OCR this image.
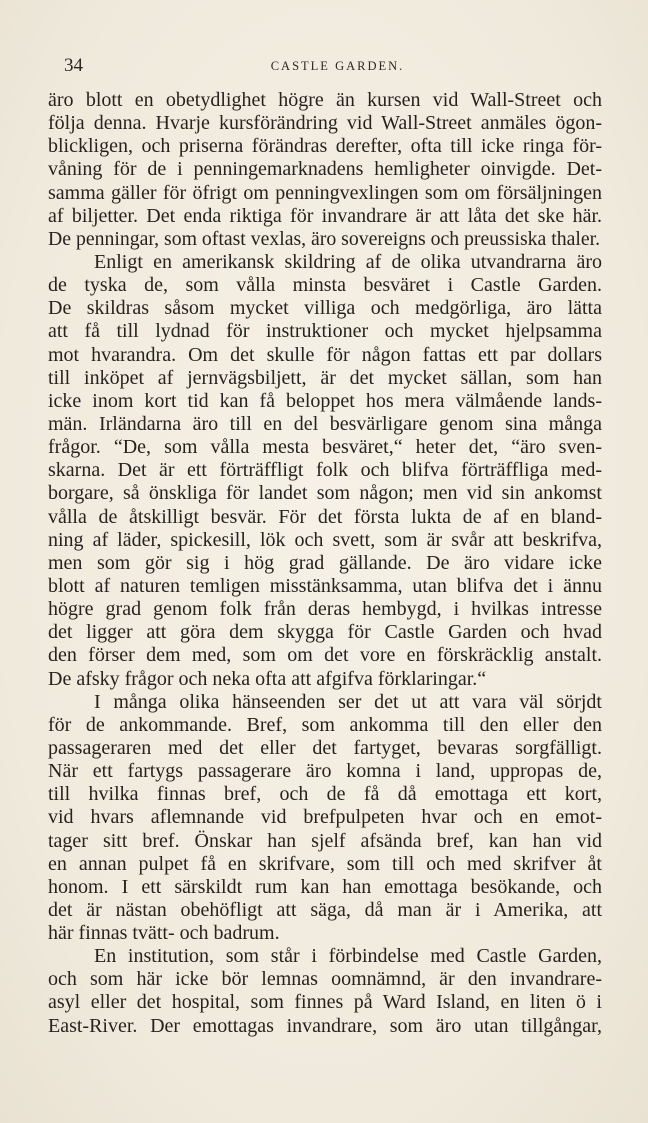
34	CASTLE GARDEN.
äro blott en obetydlighet högre än kursen vid Wall-Street och
följa denna. Hvarje kursförändring vid Wall-Street anmäles ögon-
blickligen, och priserna förändras derefter, ofta till icke ringa för-
våning för de i penningemarknadens hemligheter oinvigde. Det-
samma gäller för öfrigt om penningvexlingen som om försäljningen
af biljetter. Det enda riktiga för invandrare är att låta det ske här.
De penningar, som oftast vexlas, äro sovereigns och preussiska thaler.
Enligt en amerikansk skildring af de olika utvandrarna äro
de tyska de, som vålla minsta besväret i Castle Garden.
De skildras såsom mycket villiga och medgörliga, äro lätta
att få till lydnad för instruktioner och mycket hjelpsamma
mot hvarandra. Om det skulle för någon fattas ett par dollars
till inköpet af jernvägsbiljett, är det mycket sällan, som han
icke inom kort tid kan få beloppet hos mera välmående lands-
män. Irländarna äro till en del besvärligare genom sina många
frågor. “De, som vålla mesta besväret,“ heter det, “äro sven-
skarna. Det är ett förträffligt folk och blifva förträffliga med-
borgare, så önskliga för landet som någon; men vid sin ankomst
vålla de åtskilligt besvär. För det första lukta de af en bland-
ning af läder, spickesill, lök och svett, som är svår att beskrifva,
men som gör sig i hög grad gällande. De äro vidare icke
blott af naturen temligen misstänksamma, utan blifva det i ännu
högre grad genom folk från deras hembygd, i hvilkas intresse
det ligger att göra dem skygga för Castle Garden och hvad
den förser dem med, som om det vore en förskräcklig anstalt.
De afsky frågor och neka ofta att afgifva förklaringar.“
I många olika hänseenden ser det ut att vara väl sörjdt
för de ankommande. Bref, som ankomma till den eller den
passageraren med det eller det fartyget, bevaras sorgfälligt.
När ett fartygs passagerare äro komna i land, uppropas de,
till hvilka finnas bref, och de få då emottaga ett kort,
vid hvars aflemnande vid brefpulpeten hvar och en emot-
tager sitt bref. Önskar han sjelf afsända bref, kan han vid
en annan pulpet få en skrifvare, som till och med skrifver åt
honom. I ett särskildt rum kan han emottaga besökande, och
det är nästan obehöfligt att säga, då man är i Amerika, att
här finnas tvätt- och badrum.
En institution, som står i förbindelse med Castle Garden,
och som här icke bör lemnas oomnämnd, är den invandrare-
asyl eller det hospital, som finnes på Ward Island, en liten ö i
East-River. Der emottagas invandrare, som äro utan tillgångar,
